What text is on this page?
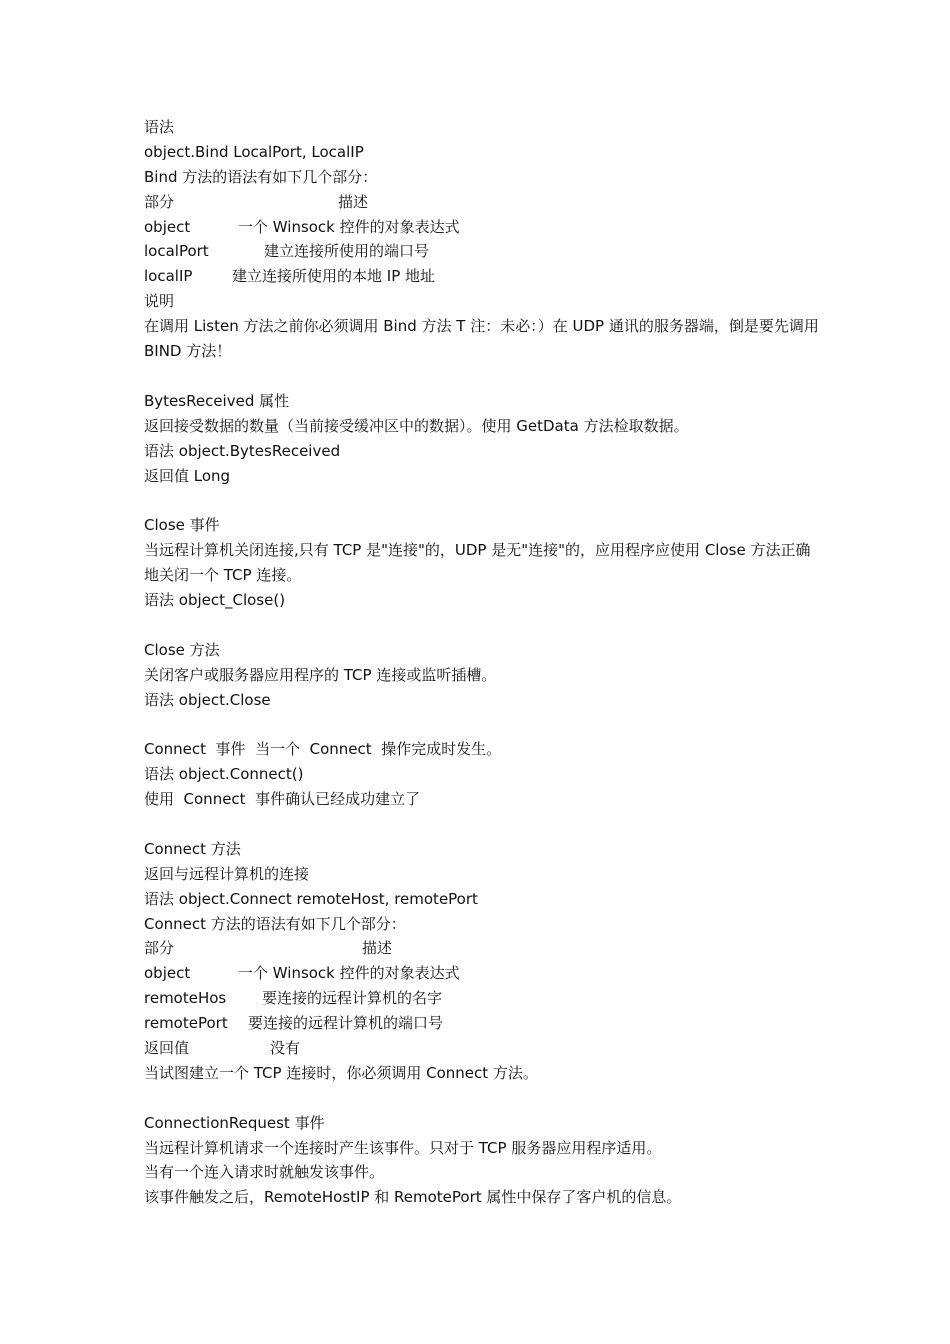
语法
object.Bind LocalPort, LocalIP
Bind 方法的语法有如下几个部分：
部分	描述
object	一个 Winsock 控件的对象表达式
localPort	建立连接所使用的端口号
localIP	建立连接所使用的本地 IP 地址
说明
在调用 Listen 方法之前你必须调用 Bind 方法 T 注：未必：）在 UDP 通讯的服务器端，倒是要先调用 BIND 方法！
BytesReceived 属性
返回接受数据的数量（当前接受缓冲区中的数据）。使用 GetData 方法检取数据。
语法 object.BytesReceived
返回值 Long
Close 事件
当远程计算机关闭连接,只有 TCP 是"连接"的，UDP 是无"连接"的，应用程序应使用 Close 方法正确地关闭一个 TCP 连接。
语法 object_Close()
Close 方法
关闭客户或服务器应用程序的 TCP 连接或监听插槽。
语法 object.Close
Connect  事件  当一个  Connect  操作完成时发生。
语法 object.Connect()
使用  Connect  事件确认已经成功建立了
Connect 方法
返回与远程计算机的连接
语法 object.Connect remoteHost, remotePort
Connect 方法的语法有如下几个部分：
部分	描述
object	一个 Winsock 控件的对象表达式
remoteHos	要连接的远程计算机的名字
remotePort	要连接的远程计算机的端口号
返回值	没有
当试图建立一个 TCP 连接时，你必须调用 Connect 方法。
ConnectionRequest 事件
当远程计算机请求一个连接时产生该事件。只对于 TCP 服务器应用程序适用。
当有一个连入请求时就触发该事件。
该事件触发之后，RemoteHostIP 和 RemotePort 属性中保存了客户机的信息。
